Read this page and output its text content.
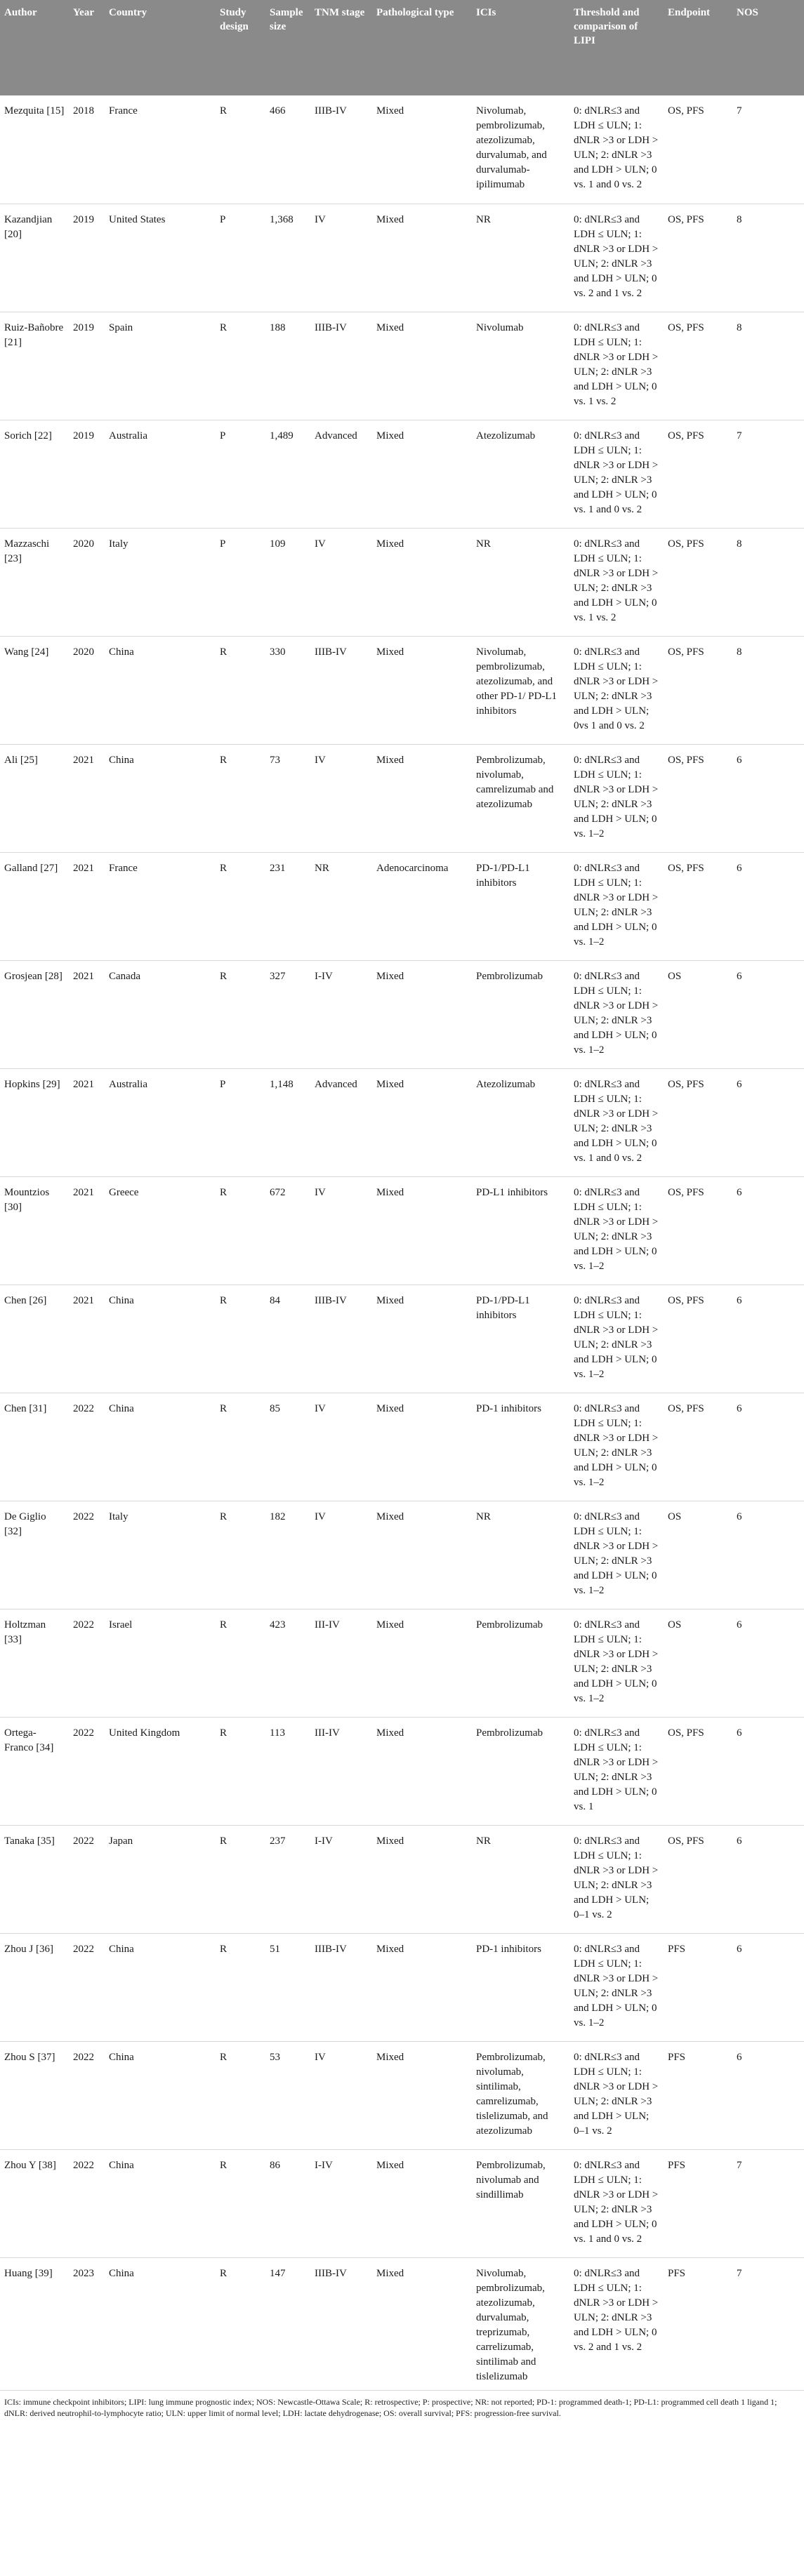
Author	Year	Country	Study design	Sample size	TNM stage	Pathological type	ICIs	Threshold and comparison of LIPI	Endpoint	NOS
Mezquita [15]	2018	France	R	466	IIIB-IV	Mixed	Nivolumab, pembrolizumab, atezolizumab, durvalumab, and durvalumab-ipilimumab	0: dNLR≤3 and LDH ≤ ULN; 1: dNLR >3 or LDH > ULN; 2: dNLR >3 and LDH > ULN; 0 vs. 1 and 0 vs. 2	OS, PFS	7
Kazandjian [20]	2019	United States	P	1,368	IV	Mixed	NR	0: dNLR≤3 and LDH ≤ ULN; 1: dNLR >3 or LDH > ULN; 2: dNLR >3 and LDH > ULN; 0 vs. 2 and 1 vs. 2	OS, PFS	8
Ruiz-Bañobre [21]	2019	Spain	R	188	IIIB-IV	Mixed	Nivolumab	0: dNLR≤3 and LDH ≤ ULN; 1: dNLR >3 or LDH > ULN; 2: dNLR >3 and LDH > ULN; 0 vs. 1 vs. 2	OS, PFS	8
Sorich [22]	2019	Australia	P	1,489	Advanced	Mixed	Atezolizumab	0: dNLR≤3 and LDH ≤ ULN; 1: dNLR >3 or LDH > ULN; 2: dNLR >3 and LDH > ULN; 0 vs. 1 and 0 vs. 2	OS, PFS	7
Mazzaschi [23]	2020	Italy	P	109	IV	Mixed	NR	0: dNLR≤3 and LDH ≤ ULN; 1: dNLR >3 or LDH > ULN; 2: dNLR >3 and LDH > ULN; 0 vs. 1 vs. 2	OS, PFS	8
Wang [24]	2020	China	R	330	IIIB-IV	Mixed	Nivolumab, pembrolizumab, atezolizumab, and other PD-1/ PD-L1 inhibitors	0: dNLR≤3 and LDH ≤ ULN; 1: dNLR >3 or LDH > ULN; 2: dNLR >3 and LDH > ULN; 0vs 1 and 0 vs. 2	OS, PFS	8
Ali [25]	2021	China	R	73	IV	Mixed	Pembrolizumab, nivolumab, camrelizumab and atezolizumab	0: dNLR≤3 and LDH ≤ ULN; 1: dNLR >3 or LDH > ULN; 2: dNLR >3 and LDH > ULN; 0 vs. 1–2	OS, PFS	6
Galland [27]	2021	France	R	231	NR	Adenocarcinoma	PD-1/PD-L1 inhibitors	0: dNLR≤3 and LDH ≤ ULN; 1: dNLR >3 or LDH > ULN; 2: dNLR >3 and LDH > ULN; 0 vs. 1–2	OS, PFS	6
Grosjean [28]	2021	Canada	R	327	I-IV	Mixed	Pembrolizumab	0: dNLR≤3 and LDH ≤ ULN; 1: dNLR >3 or LDH > ULN; 2: dNLR >3 and LDH > ULN; 0 vs. 1–2	OS	6
Hopkins [29]	2021	Australia	P	1,148	Advanced	Mixed	Atezolizumab	0: dNLR≤3 and LDH ≤ ULN; 1: dNLR >3 or LDH > ULN; 2: dNLR >3 and LDH > ULN; 0 vs. 1 and 0 vs. 2	OS, PFS	6
Mountzios [30]	2021	Greece	R	672	IV	Mixed	PD-L1 inhibitors	0: dNLR≤3 and LDH ≤ ULN; 1: dNLR >3 or LDH > ULN; 2: dNLR >3 and LDH > ULN; 0 vs. 1–2	OS, PFS	6
Chen [26]	2021	China	R	84	IIIB-IV	Mixed	PD-1/PD-L1 inhibitors	0: dNLR≤3 and LDH ≤ ULN; 1: dNLR >3 or LDH > ULN; 2: dNLR >3 and LDH > ULN; 0 vs. 1–2	OS, PFS	6
Chen [31]	2022	China	R	85	IV	Mixed	PD-1 inhibitors	0: dNLR≤3 and LDH ≤ ULN; 1: dNLR >3 or LDH > ULN; 2: dNLR >3 and LDH > ULN; 0 vs. 1–2	OS, PFS	6
De Giglio [32]	2022	Italy	R	182	IV	Mixed	NR	0: dNLR≤3 and LDH ≤ ULN; 1: dNLR >3 or LDH > ULN; 2: dNLR >3 and LDH > ULN; 0 vs. 1–2	OS	6
Holtzman [33]	2022	Israel	R	423	III-IV	Mixed	Pembrolizumab	0: dNLR≤3 and LDH ≤ ULN; 1: dNLR >3 or LDH > ULN; 2: dNLR >3 and LDH > ULN; 0 vs. 1–2	OS	6
Ortega-Franco [34]	2022	United Kingdom	R	113	III-IV	Mixed	Pembrolizumab	0: dNLR≤3 and LDH ≤ ULN; 1: dNLR >3 or LDH > ULN; 2: dNLR >3 and LDH > ULN; 0 vs. 1	OS, PFS	6
Tanaka [35]	2022	Japan	R	237	I-IV	Mixed	NR	0: dNLR≤3 and LDH ≤ ULN; 1: dNLR >3 or LDH > ULN; 2: dNLR >3 and LDH > ULN; 0–1 vs. 2	OS, PFS	6
Zhou J [36]	2022	China	R	51	IIIB-IV	Mixed	PD-1 inhibitors	0: dNLR≤3 and LDH ≤ ULN; 1: dNLR >3 or LDH > ULN; 2: dNLR >3 and LDH > ULN; 0 vs. 1–2	PFS	6
Zhou S [37]	2022	China	R	53	IV	Mixed	Pembrolizumab, nivolumab, sintilimab, camrelizumab, tislelizumab, and atezolizumab	0: dNLR≤3 and LDH ≤ ULN; 1: dNLR >3 or LDH > ULN; 2: dNLR >3 and LDH > ULN; 0–1 vs. 2	PFS	6
Zhou Y [38]	2022	China	R	86	I-IV	Mixed	Pembrolizumab, nivolumab and sindillimab	0: dNLR≤3 and LDH ≤ ULN; 1: dNLR >3 or LDH > ULN; 2: dNLR >3 and LDH > ULN; 0 vs. 1 and 0 vs. 2	PFS	7
Huang [39]	2023	China	R	147	IIIB-IV	Mixed	Nivolumab, pembrolizumab, atezolizumab, durvalumab, treprizumab, carrelizumab, sintilimab and tislelizumab	0: dNLR≤3 and LDH ≤ ULN; 1: dNLR >3 or LDH > ULN; 2: dNLR >3 and LDH > ULN; 0 vs. 2 and 1 vs. 2	PFS	7
ICIs: immune checkpoint inhibitors; LIPI: lung immune prognostic index; NOS: Newcastle-Ottawa Scale; R: retrospective; P: prospective; NR: not reported; PD-1: programmed death-1; PD-L1: programmed cell death 1 ligand 1; dNLR: derived neutrophil-to-lymphocyte ratio; ULN: upper limit of normal level; LDH: lactate dehydrogenase; OS: overall survival; PFS: progression-free survival.
